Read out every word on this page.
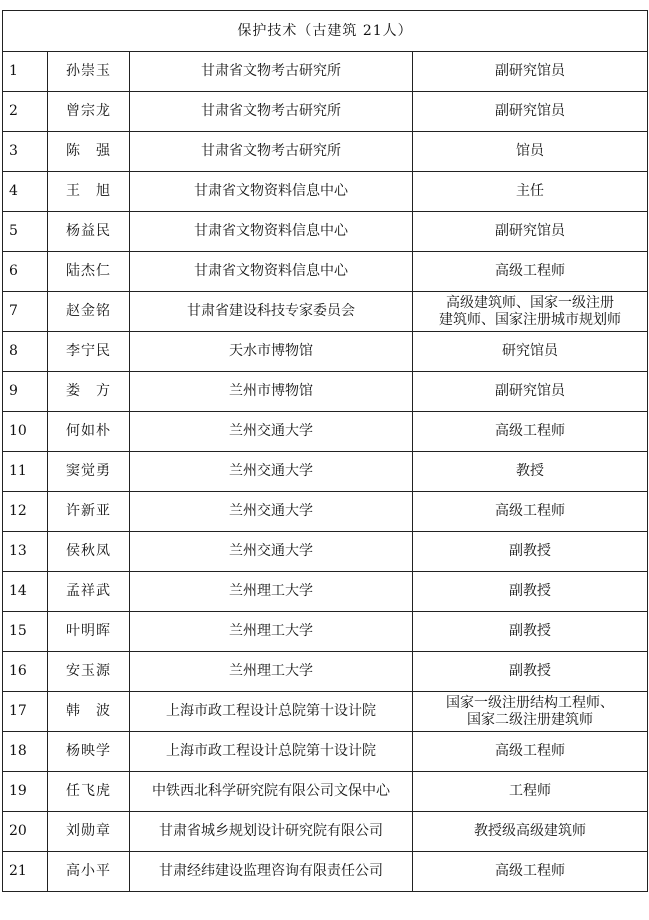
保护技术（古建筑 21人）			
1	孙崇玉	甘肃省文物考古研究所	副研究馆员
2	曾宗龙	甘肃省文物考古研究所	副研究馆员
3	陈　强	甘肃省文物考古研究所	馆员
4	王　旭	甘肃省文物资料信息中心	主任
5	杨益民	甘肃省文物资料信息中心	副研究馆员
6	陆杰仁	甘肃省文物资料信息中心	高级工程师
7	赵金铭	甘肃省建设科技专家委员会	高级建筑师、国家一级注册
建筑师、国家注册城市规划师
8	李宁民	天水市博物馆	研究馆员
9	娄　方	兰州市博物馆	副研究馆员
10	何如朴	兰州交通大学	高级工程师
11	窦觉勇	兰州交通大学	教授
12	许新亚	兰州交通大学	高级工程师
13	侯秋凤	兰州交通大学	副教授
14	孟祥武	兰州理工大学	副教授
15	叶明晖	兰州理工大学	副教授
16	安玉源	兰州理工大学	副教授
17	韩　波	上海市政工程设计总院第十设计院	国家一级注册结构工程师、
国家二级注册建筑师
18	杨映学	上海市政工程设计总院第十设计院	高级工程师
19	任飞虎	中铁西北科学研究院有限公司文保中心	工程师
20	刘勋章	甘肃省城乡规划设计研究院有限公司	教授级高级建筑师
21	高小平	甘肃经纬建设监理咨询有限责任公司	高级工程师
